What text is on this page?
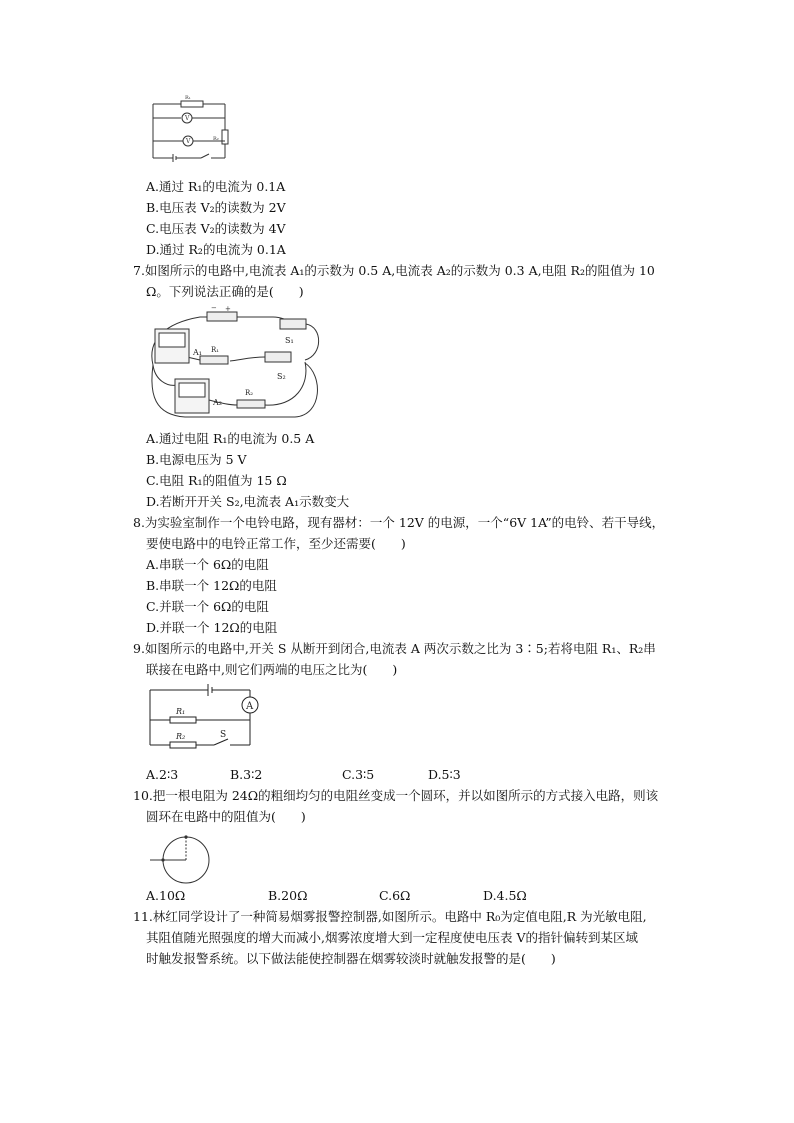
R₁
R₂
V
V
A.通过 R₁的电流为 0.1A
B.电压表 V₂的读数为 2V
C.电压表 V₂的读数为 4V
D.通过 R₂的电流为 0.1A
7.如图所示的电路中,电流表 A₁的示数为 0.5 A,电流表 A₂的示数为 0.3 A,电阻 R₂的阻值为 10
Ω。下列说法正确的是(　　)
− +
A₁ R₁
S₁
S₂
R₂
A₂
A.通过电阻 R₁的电流为 0.5 A
B.电源电压为 5 V
C.电阻 R₁的阻值为 15 Ω
D.若断开开关 S₂,电流表 A₁示数变大
8.为实验室制作一个电铃电路，现有器材：一个 12V 的电源，一个“6V 1A”的电铃、若干导线，
要使电路中的电铃正常工作，至少还需要(　　)
A.串联一个 6Ω的电阻
B.串联一个 12Ω的电阻
C.并联一个 6Ω的电阻
D.并联一个 12Ω的电阻
9.如图所示的电路中,开关 S 从断开到闭合,电流表 A 两次示数之比为 3∶5;若将电阻 R₁、R₂串
联接在电路中,则它们两端的电压之比为(　　)
A
R₁
R₂	S
A.2∶3	B.3∶2	C.3∶5	D.5∶3
10.把一根电阻为 24Ω的粗细均匀的电阻丝变成一个圆环，并以如图所示的方式接入电路，则该
圆环在电路中的阻值为(　　)
A.10Ω	B.20Ω	C.6Ω	D.4.5Ω
11.林红同学设计了一种简易烟雾报警控制器,如图所示。电路中 R₀为定值电阻,R 为光敏电阻,
其阻值随光照强度的增大而减小,烟雾浓度增大到一定程度使电压表 V的指针偏转到某区域
时触发报警系统。以下做法能使控制器在烟雾较淡时就触发报警的是(　　)
